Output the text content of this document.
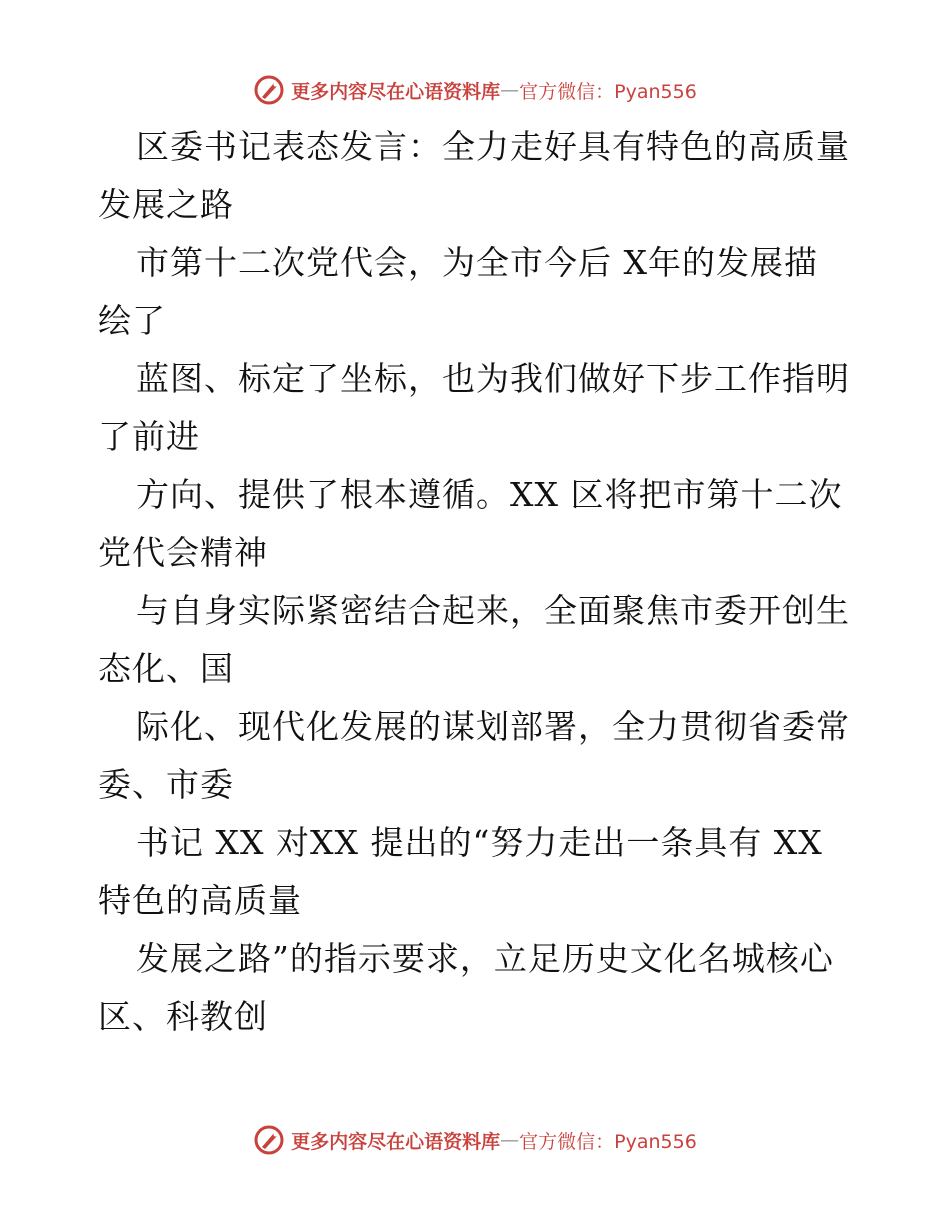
更多内容尽在心语资料库 — 官方微信：Pyan556
区委书记表态发言：全力走好具有特色的高质量
发展之路
市第十二次党代会，为全市今后 X年的发展描
绘了
蓝图、标定了坐标，也为我们做好下步工作指明
了前进
方向、提供了根本遵循。XX 区将把市第十二次
党代会精神
与自身实际紧密结合起来，全面聚焦市委开创生
态化、国
际化、现代化发展的谋划部署，全力贯彻省委常
委、市委
书记 XX 对XX 提出的“努力走出一条具有 XX
特色的高质量
发展之路”的指示要求，立足历史文化名城核心
区、科教创
更多内容尽在心语资料库 — 官方微信：Pyan556
